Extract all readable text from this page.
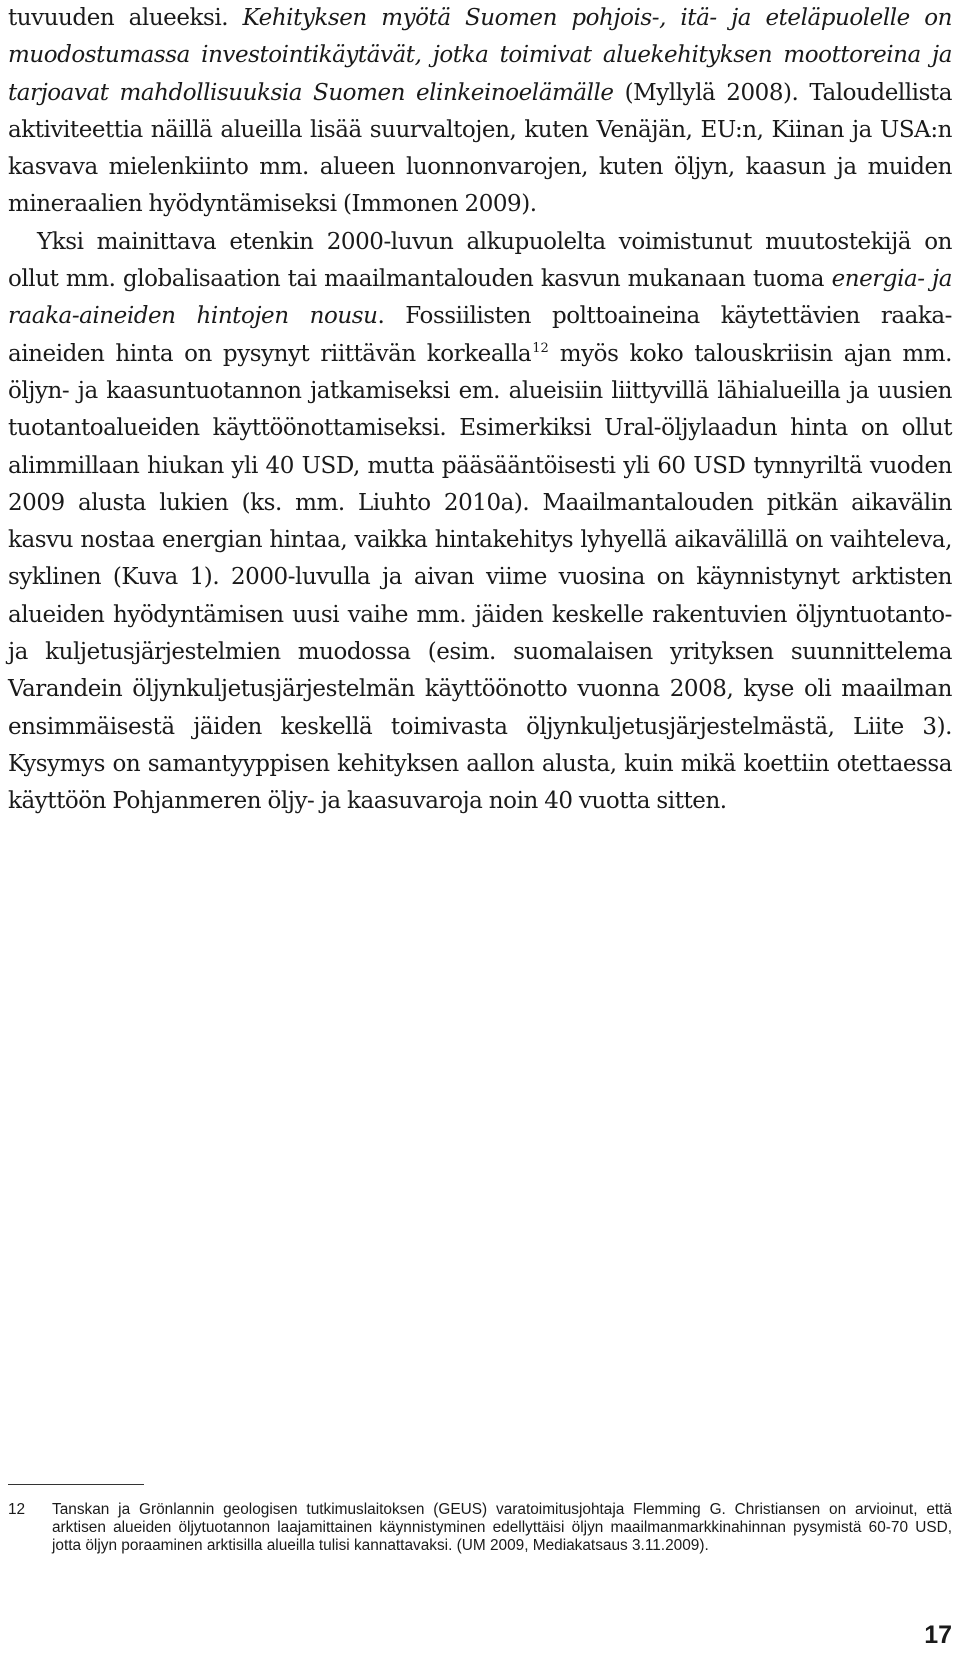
tuvuuden alueeksi. Kehityksen myötä Suomen pohjois-, itä- ja eteläpuolelle on muodostumassa investointikäytävät, jotka toimivat aluekehityksen moottoreina ja tarjoavat mahdollisuuksia Suomen elinkeinoelämälle (Myllylä 2008). Taloudellista aktiviteettia näillä alueilla lisää suurvaltojen, kuten Venäjän, EU:n, Kiinan ja USA:n kasvava mielenkiinto mm. alueen luonnonvarojen, kuten öljyn, kaasun ja muiden mineraalien hyödyntämiseksi (Immonen 2009).

Yksi mainittava etenkin 2000-luvun alkupuolelta voimistunut muutostekijä on ollut mm. globalisaation tai maailmantalouden kasvun mukanaan tuoma energia- ja raaka-aineiden hintojen nousu. Fossiilisten polttoaineina käytettävien raaka-aineiden hinta on pysynyt riittävän korkealla$^{12}$ myös koko talouskriisin ajan mm. öljyn- ja kaasuntuotannon jatkamiseksi em. alueisiin liittyvillä lähialueilla ja uusien tuotantoalueiden käyttöönottamiseksi. Esimerkiksi Ural-öljylaadun hinta on ollut alimmillaan hiukan yli 40 USD, mutta pääsääntöisesti yli 60 USD tynnyriltä vuoden 2009 alusta lukien (ks. mm. Liuhto 2010a). Maailmantalouden pitkän aikavälin kasvu nostaa energian hintaa, vaikka hintakehitys lyhyellä aikavälillä on vaihteleva, syklinen (Kuva 1). 2000-luvulla ja aivan viime vuosina on käynnistynyt arktisten alueiden hyödyntämisen uusi vaihe mm. jäiden keskelle rakentuvien öljyntuotanto- ja kuljetusjärjestelmien muodossa (esim. suomalaisen yrityksen suunnittelema Varandein öljynkuljetusjärjestelmän käyttöönotto vuonna 2008, kyse oli maailman ensimmäisestä jäiden keskellä toimivasta öljynkuljetusjärjestelmästä, Liite 3). Kysymys on samantyyppisen kehityksen aallon alusta, kuin mikä koettiin otettaessa käyttöön Pohjanmeren öljy- ja kaasuvaroja noin 40 vuotta sitten.

12	Tanskan ja Grönlannin geologisen tutkimuslaitoksen (GEUS) varatoimitusjohtaja Flemming G. Christiansen on arvioinut, että arktisen alueiden öljytuotannon laajamittainen käynnistyminen edellyttäisi öljyn maailmanmarkkinahinnan pysymistä 60-70 USD, jotta öljyn poraaminen arktisilla alueilla tulisi kannattavaksi. (UM 2009, Mediakatsaus 3.11.2009).
17
